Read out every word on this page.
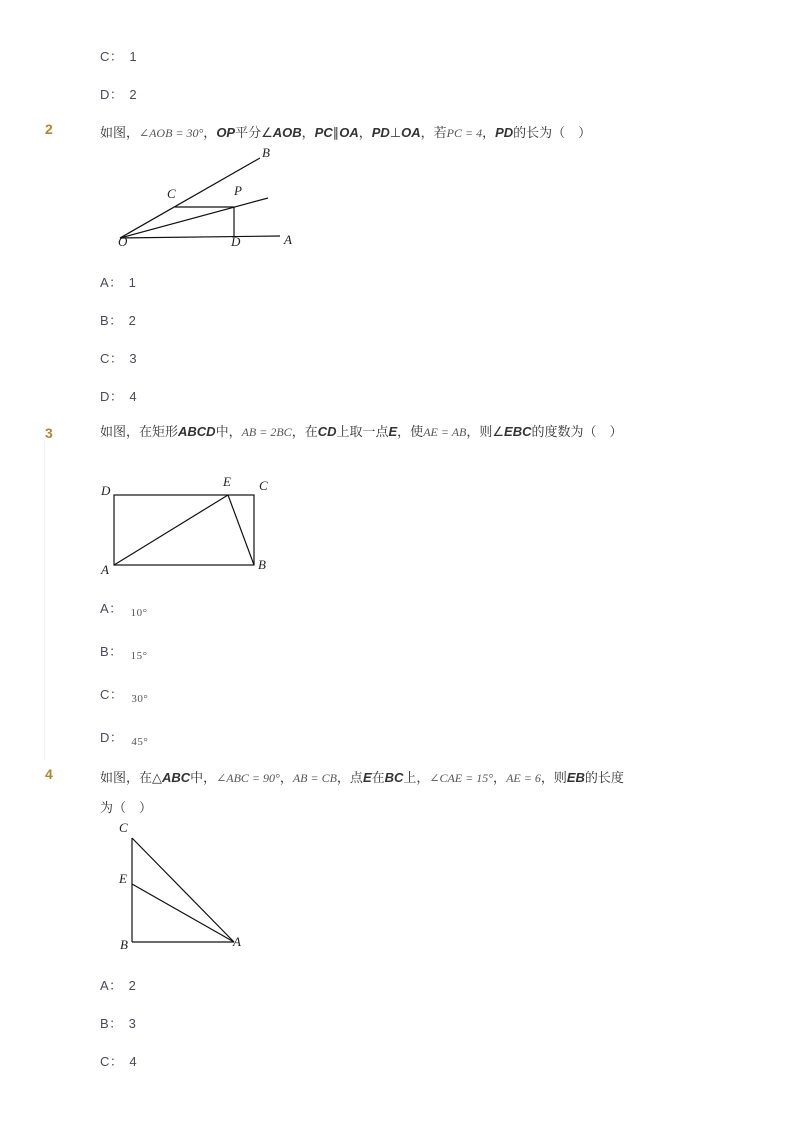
C： 1
D： 2
2	如图，∠AOB = 30°，OP平分∠AOB，PC∥OA，PD⊥OA，若PC = 4，PD的长为（　）
B
C	P
O	D	A
A： 1
B： 2
C： 3
D： 4
3	如图，在矩形ABCD中，AB = 2BC，在CD上取一点E，使AE = AB，则∠EBC的度数为（　）
D
E C
A	B
A： $_{10^\circ}$
B： $_{15^\circ}$
C： $_{30^\circ}$
D： $_{45^\circ}$
4	如图，在△ABC中，∠ABC = 90°，AB = CB，点E在BC上，∠CAE = 15°，AE = 6，则EB的长度
为（　）
C
E
B	A
A： 2
B： 3
C： 4
